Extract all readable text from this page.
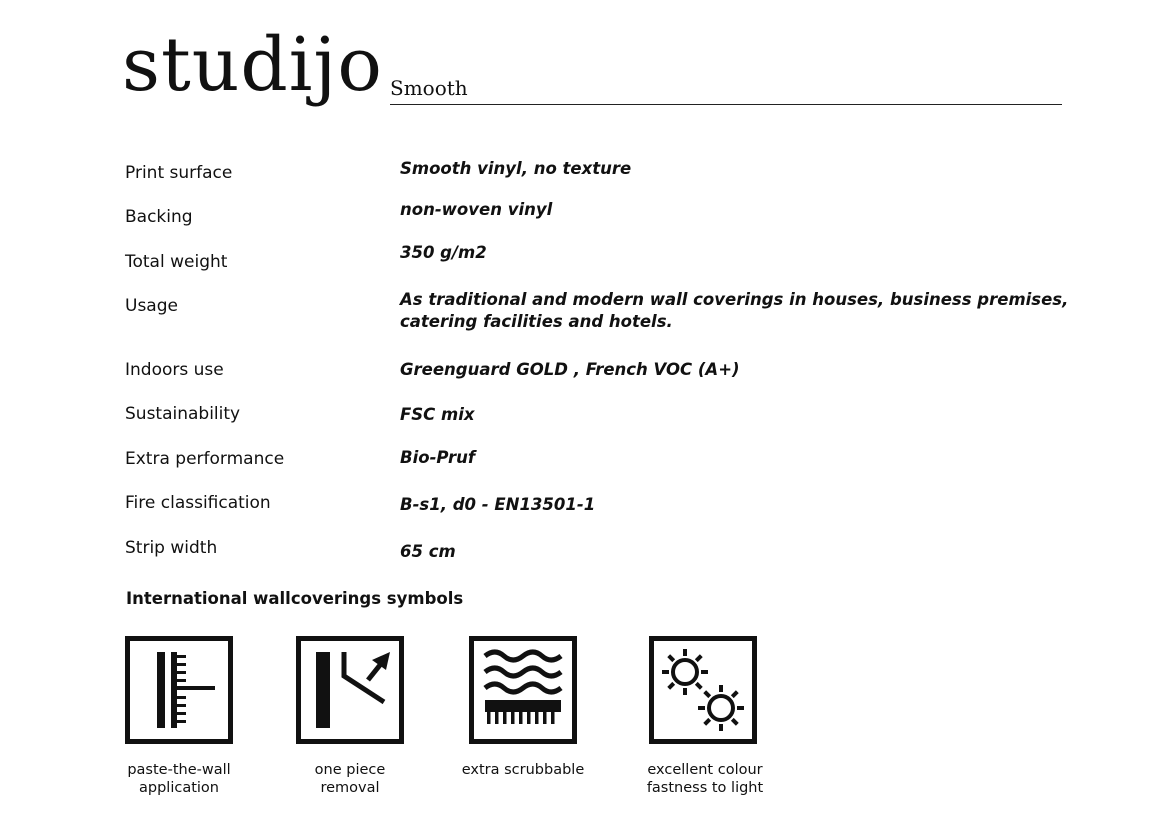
studijo Smooth
Print surface	Smooth vinyl, no texture
Backing	non-woven vinyl
Total weight	350 g/m2
Usage	As traditional and modern wall coverings in houses, business premises,
catering facilities and hotels.
Indoors use	Greenguard GOLD , French VOC (A+)
Sustainability	FSC mix
Extra performance	Bio-Pruf
Fire classification	B-s1, d0 - EN13501-1
Strip width	65 cm
International wallcoverings symbols
paste-the-wall
application
one piece
removal
extra scrubbable	excellent colour
fastness to light
